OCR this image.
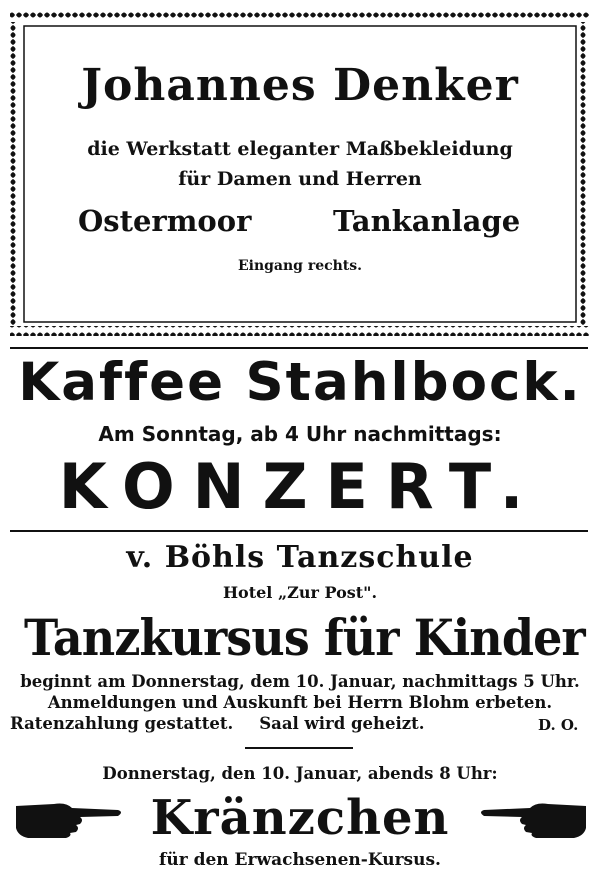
Johannes Denker
die Werkstatt eleganter Maßbekleidung
für Damen und Herren
Ostermoor	Tankanlage
Eingang rechts.
Kaffee Stahlbock.
Am Sonntag, ab 4 Uhr nachmittags:
KONZERT.
v. Böhls Tanzschule
Hotel „Zur Post".
Tanzkursus für Kinder
beginnt am Donnerstag, dem 10. Januar, nachmittags 5 Uhr.
Anmeldungen und Auskunft bei Herrn Blohm erbeten.
Ratenzahlung gestattet. Saal wird geheizt.	D. O.
Donnerstag, den 10. Januar, abends 8 Uhr:
Kränzchen
für den Erwachsenen-Kursus.
